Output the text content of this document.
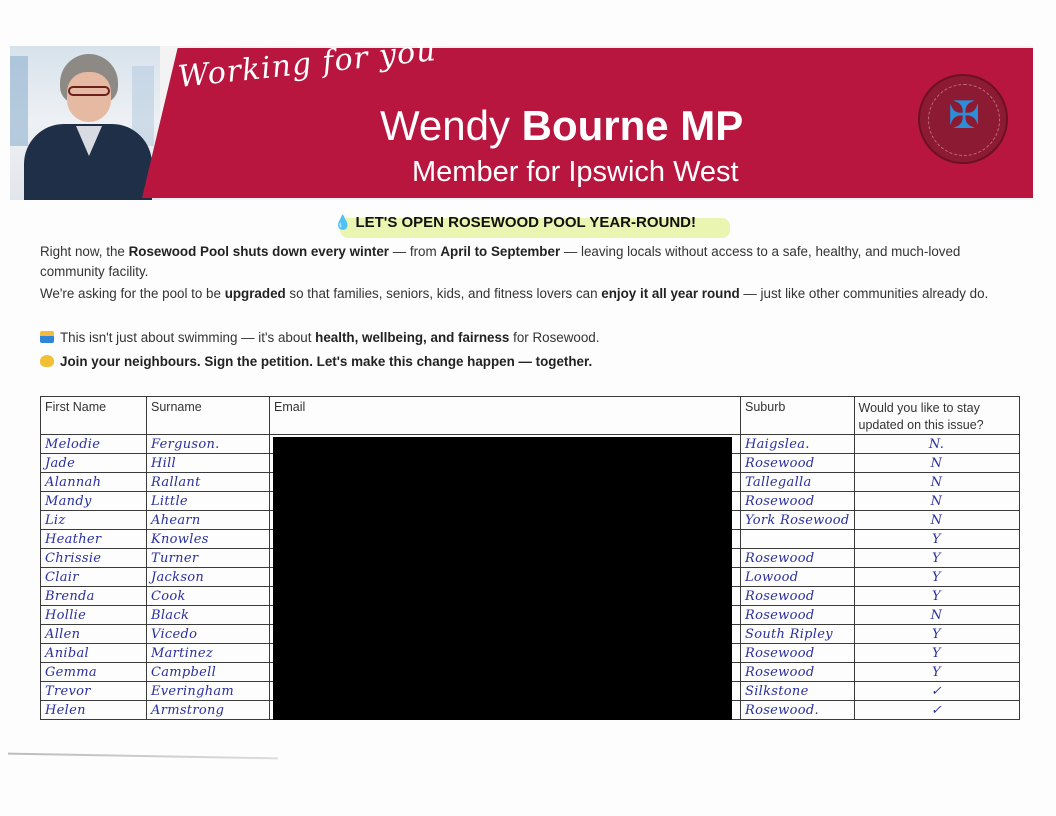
Working for you
Wendy Bourne MP
Member for Ipswich West
✠
💧 LET'S OPEN ROSEWOOD POOL YEAR-ROUND!
Right now, the Rosewood Pool shuts down every winter — from April to September — leaving locals without access to a safe, healthy, and much-loved community facility.
We're asking for the pool to be upgraded so that families, seniors, kids, and fitness lovers can enjoy it all year round — just like other communities already do.
This isn't just about swimming — it's about health, wellbeing, and fairness for Rosewood.
Join your neighbours. Sign the petition. Let's make this change happen — together.
First Name	Surname	Email	Suburb	Would you like to stay updated on this issue?
Melodie	Ferguson.		Haigslea.	N.
Jade	Hill		Rosewood	N
Alannah	Rallant		Tallegalla	N
Mandy	Little		Rosewood	N
Liz	Ahearn		York Rosewood	N
Heather	Knowles			Y
Chrissie	Turner		Rosewood	Y
Clair	Jackson		Lowood	Y
Brenda	Cook		Rosewood	Y
Hollie	Black		Rosewood	N
Allen	Vicedo		South Ripley	Y
Anibal	Martinez		Rosewood	Y
Gemma	Campbell		Rosewood	Y
Trevor	Everingham		Silkstone	✓
Helen	Armstrong		Rosewood.	✓
